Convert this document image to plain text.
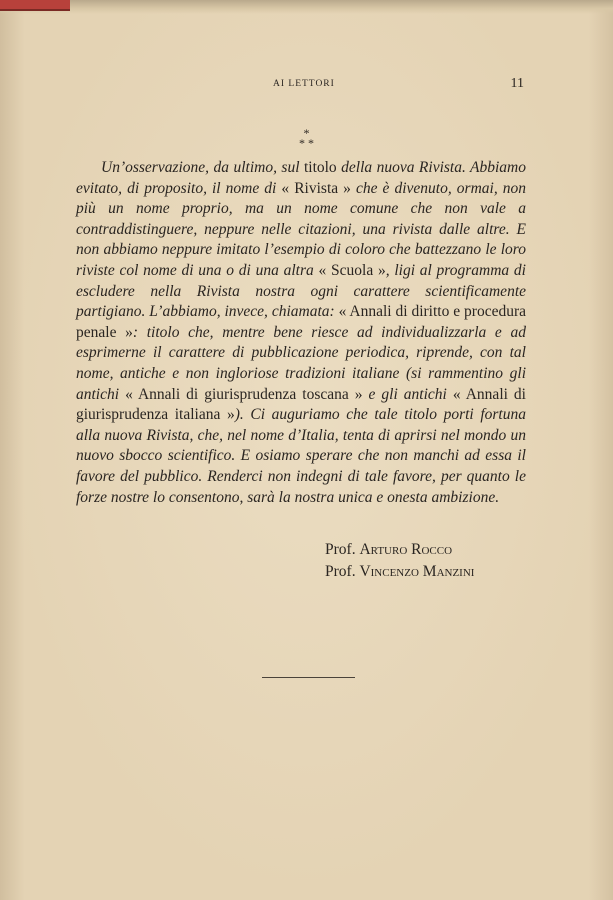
AI LETTORI	11
*
* *

Un’osservazione, da ultimo, sul titolo della nuova Rivista. Abbiamo evitato, di proposito, il nome di « Rivista » che è divenuto, ormai, non più un nome proprio, ma un nome comune che non vale a contraddistinguere, neppure nelle citazioni, una rivista dalle altre. E non abbiamo neppure imitato l’esempio di coloro che battezzano le loro riviste col nome di una o di una altra « Scuola », ligi al programma di escludere nella Rivista nostra ogni carattere scientificamente partigiano. L’abbiamo, invece, chiamata: « Annali di diritto e procedura penale »: titolo che, mentre bene riesce ad individualizzarla e ad esprimerne il carattere di pubblicazione periodica, riprende, con tal nome, antiche e non ingloriose tradizioni italiane (si rammentino gli antichi « Annali di giurisprudenza toscana » e gli antichi « Annali di giurisprudenza italiana »). Ci auguriamo che tale titolo porti fortuna alla nuova Rivista, che, nel nome d’Italia, tenta di aprirsi nel mondo un nuovo sbocco scientifico. E osiamo sperare che non manchi ad essa il favore del pubblico. Renderci non indegni di tale favore, per quanto le forze nostre lo consentono, sarà la nostra unica e onesta ambizione.

Prof. Arturo Rocco
Prof. Vincenzo Manzini
